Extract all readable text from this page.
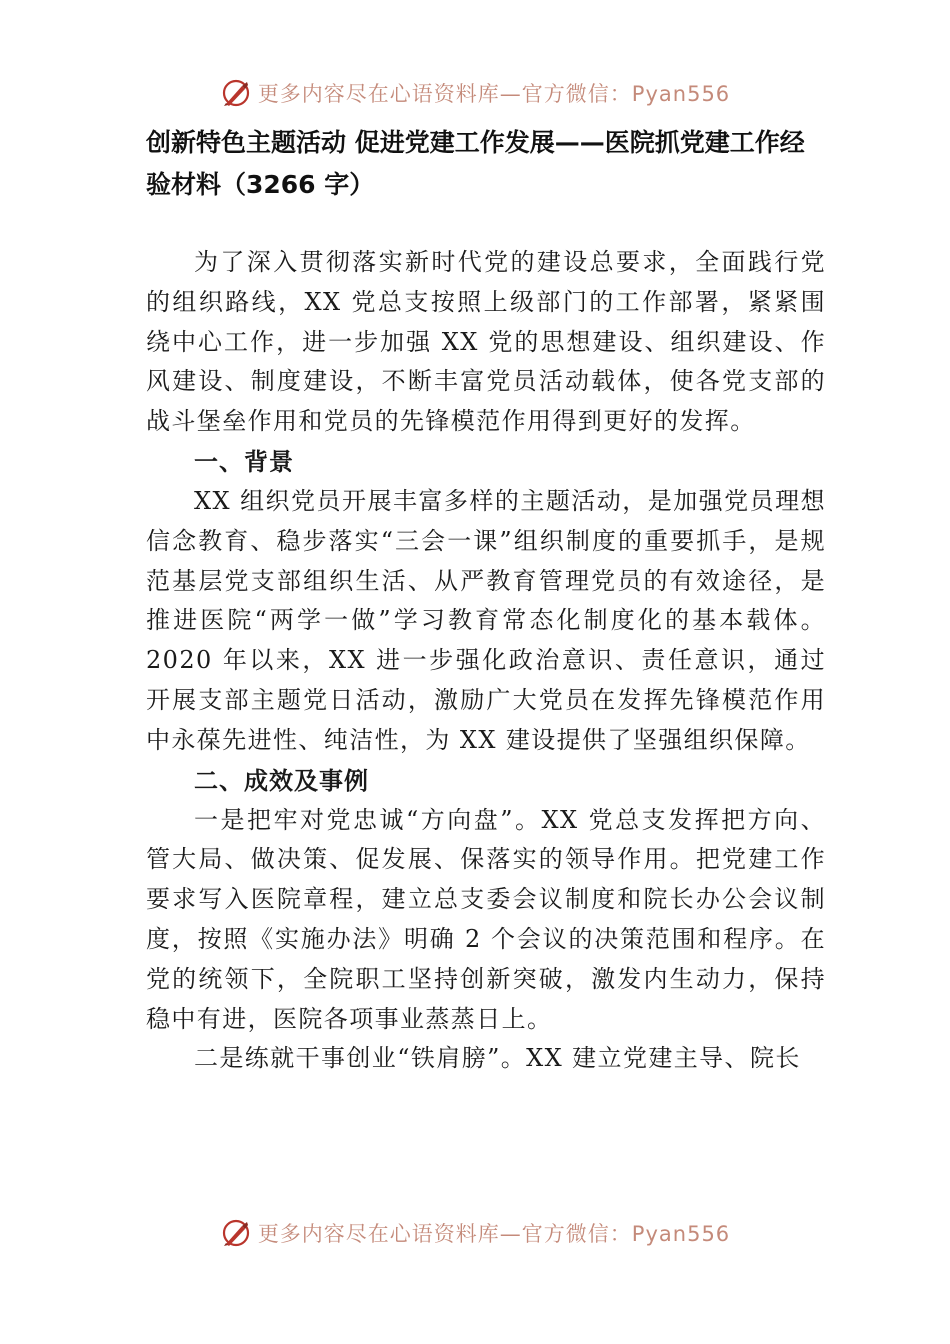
更多内容尽在心语资料库—官方微信：Pyan556
创新特色主题活动 促进党建工作发展——医院抓党建工作经验材料（3266 字）

为了深入贯彻落实新时代党的建设总要求，全面践行党的组织路线，XX 党总支按照上级部门的工作部署，紧紧围绕中心工作，进一步加强 XX 党的思想建设、组织建设、作风建设、制度建设，不断丰富党员活动载体，使各党支部的战斗堡垒作用和党员的先锋模范作用得到更好的发挥。

一、背景

XX 组织党员开展丰富多样的主题活动，是加强党员理想信念教育、稳步落实“三会一课”组织制度的重要抓手，是规范基层党支部组织生活、从严教育管理党员的有效途径，是推进医院“两学一做”学习教育常态化制度化的基本载体。2020 年以来，XX 进一步强化政治意识、责任意识，通过开展支部主题党日活动，激励广大党员在发挥先锋模范作用中永葆先进性、纯洁性，为 XX 建设提供了坚强组织保障。

二、成效及事例

一是把牢对党忠诚“方向盘”。XX 党总支发挥把方向、管大局、做决策、促发展、保落实的领导作用。把党建工作要求写入医院章程，建立总支委会议制度和院长办公会议制度，按照《实施办法》明确 2 个会议的决策范围和程序。在党的统领下，全院职工坚持创新突破，激发内生动力，保持稳中有进，医院各项事业蒸蒸日上。

二是练就干事创业“铁肩膀”。XX 建立党建主导、院长

更多内容尽在心语资料库—官方微信：Pyan556
